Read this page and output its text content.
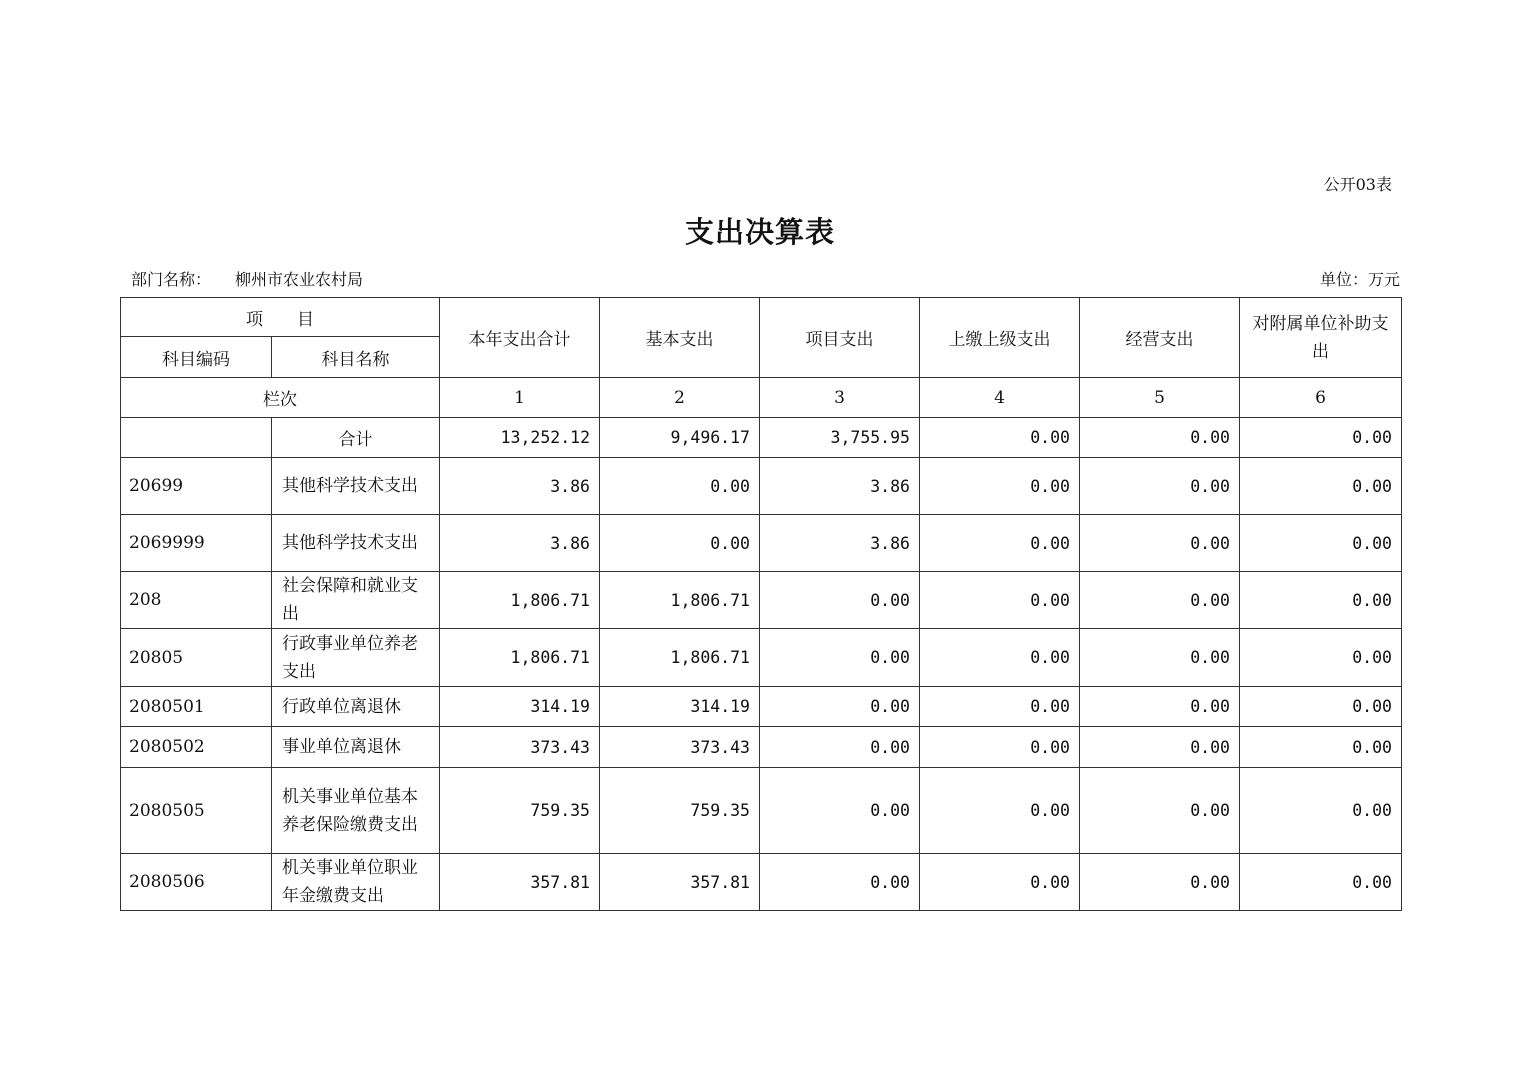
公开03表
支出决算表
部门名称： 柳州市农业农村局	单位：万元
项　　目		本年支出合计	基本支出	项目支出	上缴上级支出	经营支出	对附属单位补助支出
科目编码	科目名称						
栏次		1	2	3	4	5	6
	合计	13,252.12	9,496.17	3,755.95	0.00	0.00	0.00
20699	其他科学技术支出	3.86	0.00	3.86	0.00	0.00	0.00
2069999	其他科学技术支出	3.86	0.00	3.86	0.00	0.00	0.00
208	社会保障和就业支出	1,806.71	1,806.71	0.00	0.00	0.00	0.00
20805	行政事业单位养老支出	1,806.71	1,806.71	0.00	0.00	0.00	0.00
2080501	行政单位离退休	314.19	314.19	0.00	0.00	0.00	0.00
2080502	事业单位离退休	373.43	373.43	0.00	0.00	0.00	0.00
2080505	机关事业单位基本养老保险缴费支出	759.35	759.35	0.00	0.00	0.00	0.00
2080506	机关事业单位职业年金缴费支出	357.81	357.81	0.00	0.00	0.00	0.00
